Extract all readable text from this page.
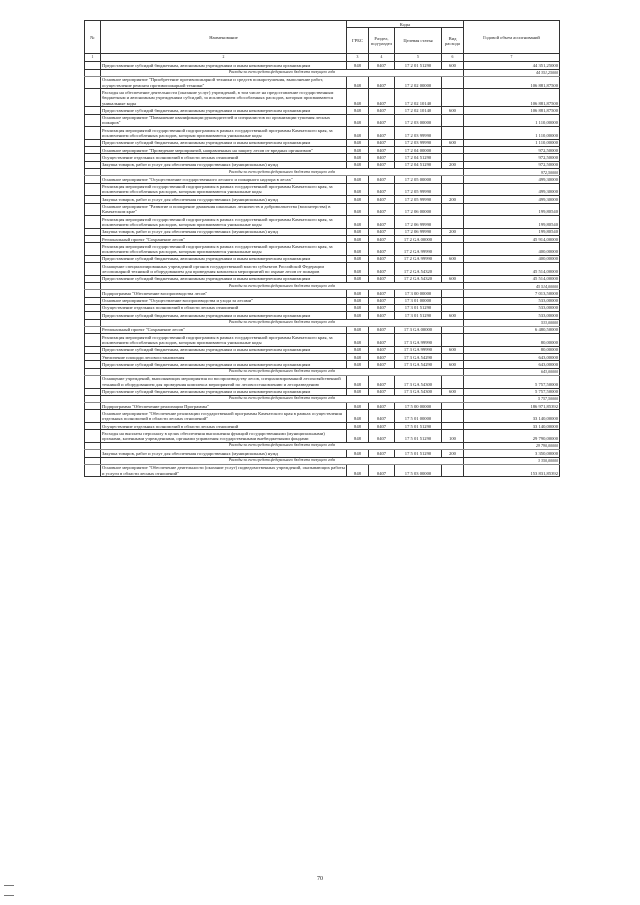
№	Наименование	Коды				Годовой объем ассигнований
		ГРБС	Раздел, под-раздел	Целевая статья	Вид расхода	
1	2	3	4	5	6	7
	Предоставление субсидий бюджетным, автономным учреждениям и иным некоммерческим организациям	848	0407	17 2 01 51290	600	44 351,25000
	Расходы за счет средств федерального бюджета текущего года					44 351,25000
	Основное мероприятие "Приобретение противопожарной техники и средств пожаротушения, выполнение работ, осуществление ремонта противопожарной техники"	848	0407	17 2 02 00000		106 881,87500
	Расходы на обеспечение деятельности (оказание услуг) учреждений, в том числе на предоставление государственным бюджетным и автономным учреждениям субсидий, за исключением обособленных расходов, которым присваиваются уникальные коды	848	0407	17 2 02 10140		106 881,87500
	Предоставление субсидий бюджетным, автономным учреждениям и иным некоммерческим организациям	848	0407	17 2 02 10140	600	106 881,87500
	Основное мероприятие "Повышение квалификации руководителей и специалистов по организации тушения лесных пожаров"	848	0407	17 2 03 00000		1 110,00000
	Реализация мероприятий государственной подпрограммы в рамках государственной программы Камчатского края, за исключением обособленных расходов, которым присваиваются уникальные коды	848	0407	17 2 03 99990		1 110,00000
	Предоставление субсидий бюджетным, автономным учреждениям и иным некоммерческим организациям	848	0407	17 2 03 99990	600	1 110,00000
	Основное мероприятие "Проведение мероприятий, направленных на защиту лесов от вредных организмов"	848	0407	17 2 04 00000		972,50000
	Осуществление отдельных полномочий в области лесных отношений	848	0407	17 2 04 51290		972,50000
	Закупка товаров, работ и услуг для обеспечения государственных (муниципальных) нужд	848	0407	17 2 04 51290	200	972,50000
	Расходы за счет средств федерального бюджета текущего года					972,50000
	Основное мероприятие "Осуществление государственного лесного и пожарного надзора в лесах"	848	0407	17 2 05 00000		499,30000
	Реализация мероприятий государственной подпрограммы в рамках государственной программы Камчатского края, за исключением обособленных расходов, которым присваиваются уникальные коды	848	0407	17 2 05 99990		499,30000
	Закупка товаров, работ и услуг для обеспечения государственных (муниципальных) нужд	848	0407	17 2 05 99990	200	499,30000
	Основное мероприятие "Развитие и поощрение движения школьных лесничеств и добровольчества (волонтерства) в Камчатском крае"	848	0407	17 2 06 00000		199,80540
	Реализация мероприятий государственной подпрограммы в рамках государственной программы Камчатского края, за исключением обособленных расходов, которым присваиваются уникальные коды	848	0407	17 2 06 99990		199,80540
	Закупка товаров, работ и услуг для обеспечения государственных (муниципальных) нужд	848	0407	17 2 06 99990	200	199,80540
	Региональный проект "Сохранение лесов"	848	0407	17 2 GA 00000		45 914,00000
	Реализация мероприятий государственной подпрограммы в рамках государственной программы Камчатского края, за исключением обособленных расходов, которым присваиваются уникальные коды	848	0407	17 2 GA 99990		400,00000
	Предоставление субсидий бюджетным, автономным учреждениям и иным некоммерческим организациям	848	0407	17 2 GA 99990	600	400,00000
	Оснащение специализированных учреждений органов государственной власти субъектов Российской Федерации лесопожарной техникой и оборудованием для проведения комплекса мероприятий по охране лесов от пожаров	848	0407	17 2 GA 54320		45 514,00000
	Предоставление субсидий бюджетным, автономным учреждениям и иным некоммерческим организациям	848	0407	17 2 GA 54320	600	45 514,00000
	Расходы за счет средств федерального бюджета текущего года					45 514,00000
	Подпрограмма "Обеспечение воспроизводства лесов"	848	0407	17 3 00 00000		7 013,50000
	Основное мероприятие "Осуществление воспроизводства и ухода за лесами"	848	0407	17 3 01 00000		533,00000
	Осуществление отдельных полномочий в области лесных отношений	848	0407	17 3 01 51290		533,00000
	Предоставление субсидий бюджетным, автономным учреждениям и иным некоммерческим организациям	848	0407	17 3 01 51290	600	533,00000
	Расходы за счет средств федерального бюджета текущего года					533,00000
	Региональный проект "Сохранение лесов"	848	0407	17 3 GA 00000		6 480,50000
	Реализация мероприятий государственной подпрограммы в рамках государственной программы Камчатского края, за исключением обособленных расходов, которым присваиваются уникальные коды	848	0407	17 3 GA 99990		80,00000
	Предоставление субсидий бюджетным, автономным учреждениям и иным некоммерческим организациям	848	0407	17 3 GA 99990	600	80,00000
	Увеличение площади лесовосстановления	848	0407	17 3 GA 54290		643,00000
	Предоставление субсидий бюджетным, автономным учреждениям и иным некоммерческим организациям	848	0407	17 3 GA 54290	600	643,00000
	Расходы за счет средств федерального бюджета текущего года					643,00000
	Оснащение учреждений, выполняющих мероприятия по воспроизводству лесов, специализированной лесохозяйственной техникой и оборудованием для проведения комплекса мероприятий по лесовосстановлению и лесоразведению	848	0407	17 3 GA 54300		5 757,50000
	Предоставление субсидий бюджетным, автономным учреждениям и иным некоммерческим организациям	848	0407	17 3 GA 54300	600	5 757,50000
	Расходы за счет средств федерального бюджета текущего года					5 757,50000
	Подпрограмма "Обеспечение реализации Программы"	848	0407	17 5 00 00000		186 971,85392
	Основное мероприятие "Обеспечение реализации государственной программы Камчатского края в рамках осуществления отдельных полномочий в области лесных отношений"	848	0407	17 5 01 00000		33 140,00000
	Осуществление отдельных полномочий в области лесных отношений	848	0407	17 5 01 51290		33 140,00000
	Расходы на выплаты персоналу в целях обеспечения выполнения функций государственными (муниципальными) органами, казенными учреждениями, органами управления государственными внебюджетными фондами	848	0407	17 5 01 51290	100	29 790,00000
	Расходы за счет средств федерального бюджета текущего года					29 790,00000
	Закупка товаров, работ и услуг для обеспечения государственных (муниципальных) нужд	848	0407	17 5 01 51290	200	3 350,00000
	Расходы за счет средств федерального бюджета текущего года					3 350,00000
	Основное мероприятие "Обеспечение деятельности (оказание услуг) подведомственных учреждений, оказывающих работы и услуги в области лесных отношений"	848	0407	17 5 03 00000		153 831,85392
70
